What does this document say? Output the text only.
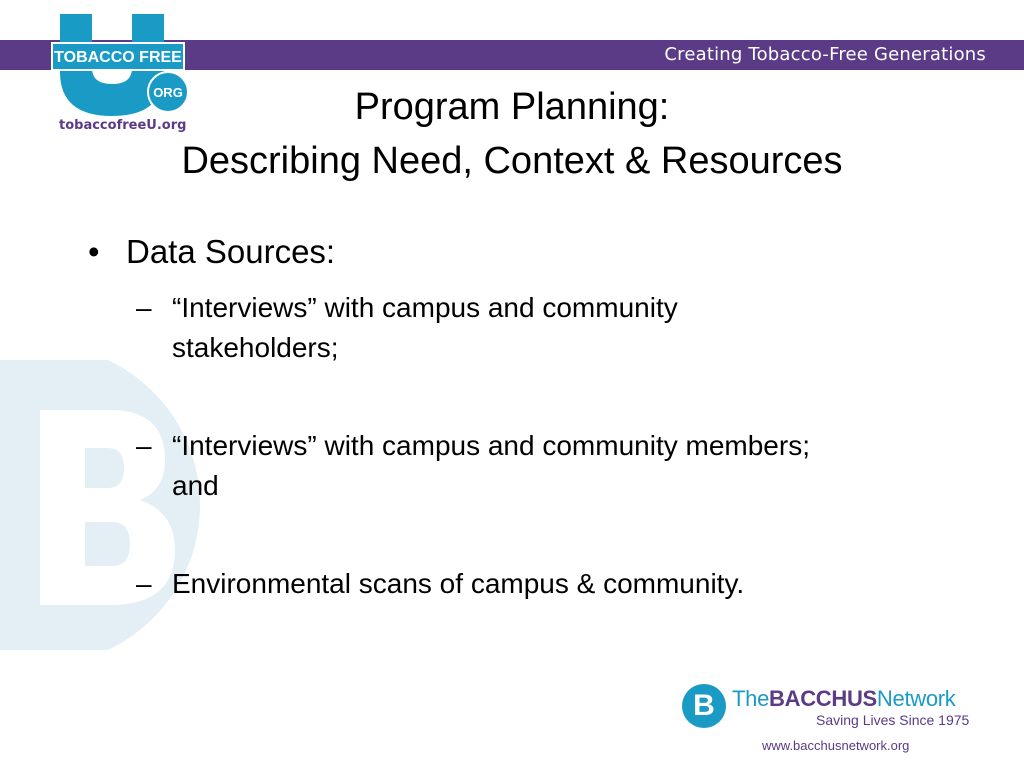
Creating Tobacco-Free Generations
TOBACCO FREE
ORG
tobaccofreeU.org	Program Planning:
Describing Need, Context & Resources
• Data Sources:
– “Interviews” with campus and community stakeholders;
– “Interviews” with campus and community members; and
– Environmental scans of campus & community.
B TheBACCHUSNetwork
Saving Lives Since 1975
www.bacchusnetwork.org
